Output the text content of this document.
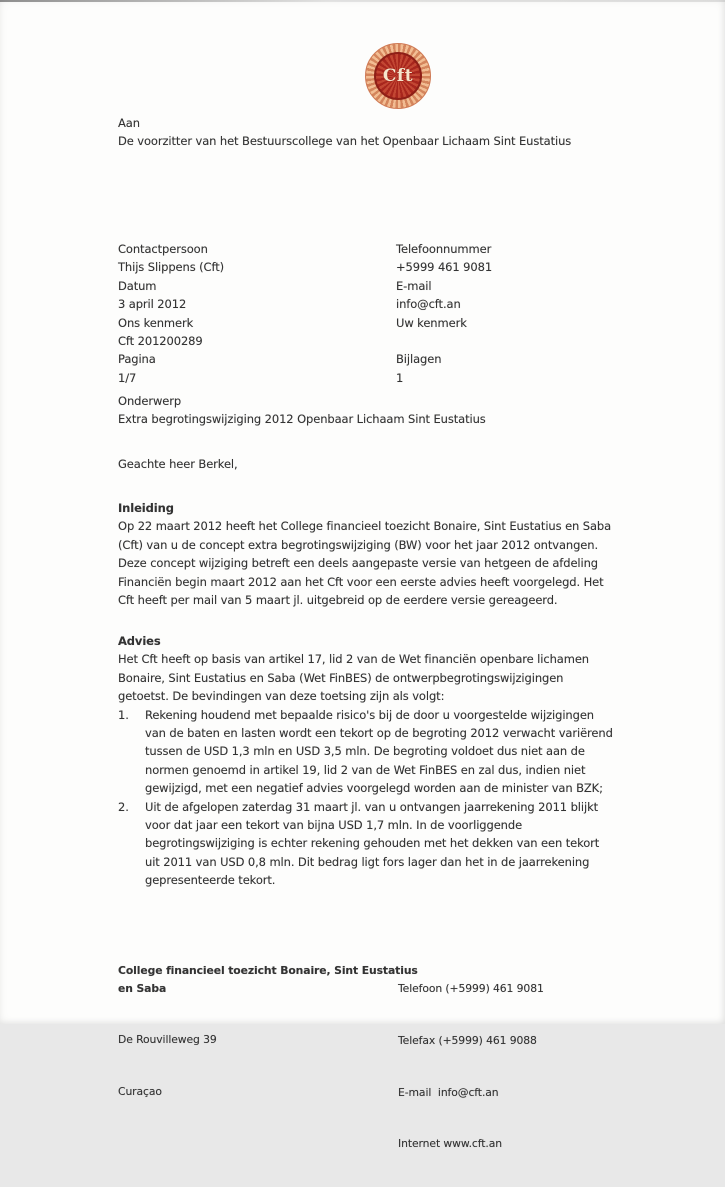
Cft
Aan
De voorzitter van het Bestuurscollege van het Openbaar Lichaam Sint Eustatius
Contactpersoon
Thijs Slippens (Cft)
Datum
3 april 2012
Ons kenmerk
Cft 201200289
Pagina
1/7
Telefoonnummer
+5999 461 9081
E-mail
info@cft.an
Uw kenmerk
Bijlagen
1
Onderwerp
Extra begrotingswijziging 2012 Openbaar Lichaam Sint Eustatius
Geachte heer Berkel,
Inleiding
Op 22 maart 2012 heeft het College financieel toezicht Bonaire, Sint Eustatius en Saba (Cft) van u de concept extra begrotingswijziging (BW) voor het jaar 2012 ontvangen. Deze concept wijziging betreft een deels aangepaste versie van hetgeen de afdeling Financiën begin maart 2012 aan het Cft voor een eerste advies heeft voorgelegd. Het Cft heeft per mail van 5 maart jl. uitgebreid op de eerdere versie gereageerd.
Advies
Het Cft heeft op basis van artikel 17, lid 2 van de Wet financiën openbare lichamen Bonaire, Sint Eustatius en Saba (Wet FinBES) de ontwerpbegrotingswijzigingen getoetst. De bevindingen van deze toetsing zijn als volgt:
1.	Rekening houdend met bepaalde risico's bij de door u voorgestelde wijzigingen van de baten en lasten wordt een tekort op de begroting 2012 verwacht variërend tussen de USD 1,3 mln en USD 3,5 mln. De begroting voldoet dus niet aan de normen genoemd in artikel 19, lid 2 van de Wet FinBES en zal dus, indien niet gewijzigd, met een negatief advies voorgelegd worden aan de minister van BZK;
2.	Uit de afgelopen zaterdag 31 maart jl. van u ontvangen jaarrekening 2011 blijkt voor dat jaar een tekort van bijna USD 1,7 mln. In de voorliggende begrotingswijziging is echter rekening gehouden met het dekken van een tekort uit 2011 van USD 0,8 mln. Dit bedrag ligt fors lager dan het in de jaarrekening gepresenteerde tekort.

College financieel toezicht Bonaire, Sint Eustatius en Saba

De Rouvilleweg 39

Curaçao

Telefoon (+5999) 461 9081

Telefax (+5999) 461 9088

E-mail  info@cft.an

Internet www.cft.an
